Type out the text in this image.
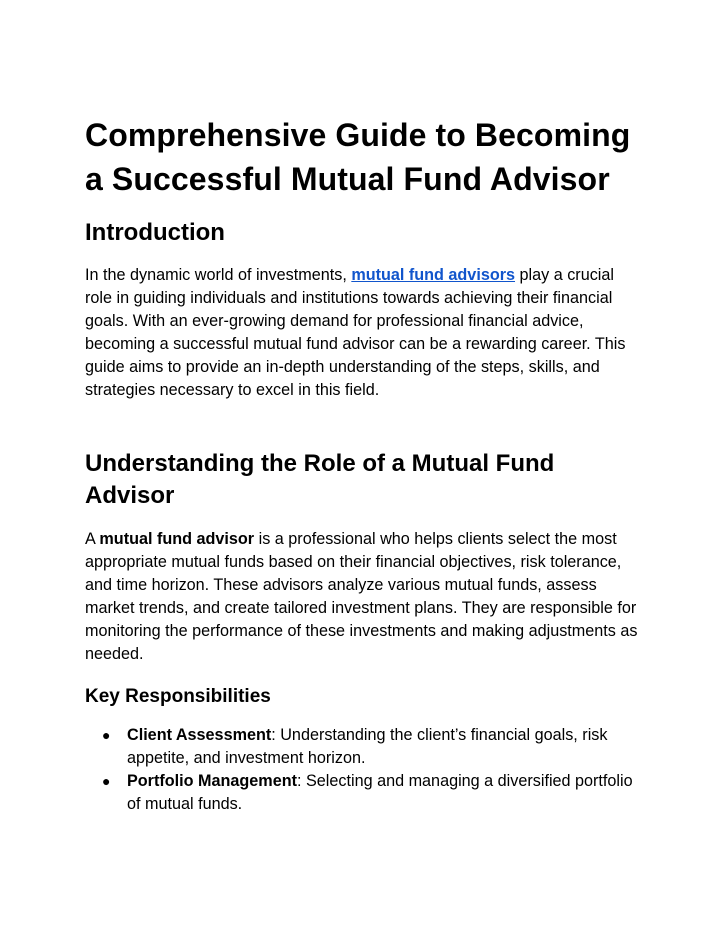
Comprehensive Guide to Becoming a Successful Mutual Fund Advisor
Introduction

In the dynamic world of investments, mutual fund advisors play a crucial role in guiding individuals and institutions towards achieving their financial goals. With an ever-growing demand for professional financial advice, becoming a successful mutual fund advisor can be a rewarding career. This guide aims to provide an in-depth understanding of the steps, skills, and strategies necessary to excel in this field.

Understanding the Role of a Mutual Fund Advisor

A mutual fund advisor is a professional who helps clients select the most appropriate mutual funds based on their financial objectives, risk tolerance, and time horizon. These advisors analyze various mutual funds, assess market trends, and create tailored investment plans. They are responsible for monitoring the performance of these investments and making adjustments as needed.

Key Responsibilities
● Client Assessment: Understanding the client’s financial goals, risk appetite, and investment horizon.
● Portfolio Management: Selecting and managing a diversified portfolio of mutual funds.
